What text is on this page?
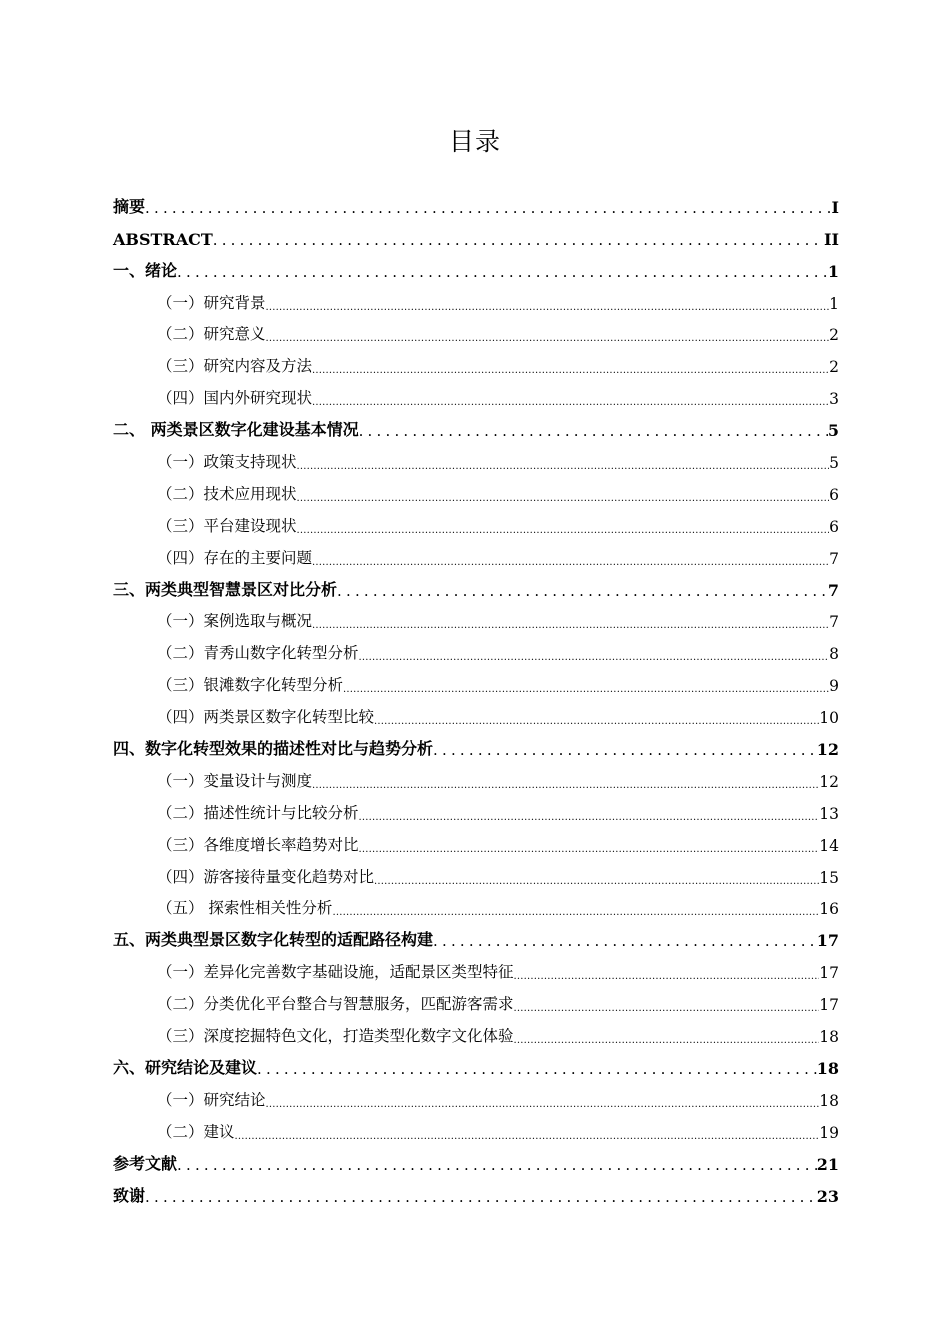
目录
摘要 .....	I
ABSTRACT .....	II
一、绪论 .....	1
（一）研究背景 .....	1
（二）研究意义 .....	2
（三）研究内容及方法 .....	2
（四）国内外研究现状 .....	3
二、 两类景区数字化建设基本情况 .....	5
（一）政策支持现状 .....	5
（二）技术应用现状 .....	6
（三）平台建设现状 .....	6
（四）存在的主要问题 .....	7
三、两类典型智慧景区对比分析 .....	7
（一）案例选取与概况 .....	7
（二）青秀山数字化转型分析 .....	8
（三）银滩数字化转型分析 .....	9
（四）两类景区数字化转型比较 .....	10
四、数字化转型效果的描述性对比与趋势分析 .....	12
（一）变量设计与测度 .....	12
（二）描述性统计与比较分析 .....	13
（三）各维度增长率趋势对比 .....	14
（四）游客接待量变化趋势对比 .....	15
（五） 探索性相关性分析 .....	16
五、两类典型景区数字化转型的适配路径构建 .....	17
（一）差异化完善数字基础设施，适配景区类型特征 .....	17
（二）分类优化平台整合与智慧服务，匹配游客需求 .....	17
（三）深度挖掘特色文化，打造类型化数字文化体验 .....	18
六、研究结论及建议 .....	18
（一）研究结论 .....	18
（二）建议 .....	19
参考文献 .....	21
致谢 .....	23
